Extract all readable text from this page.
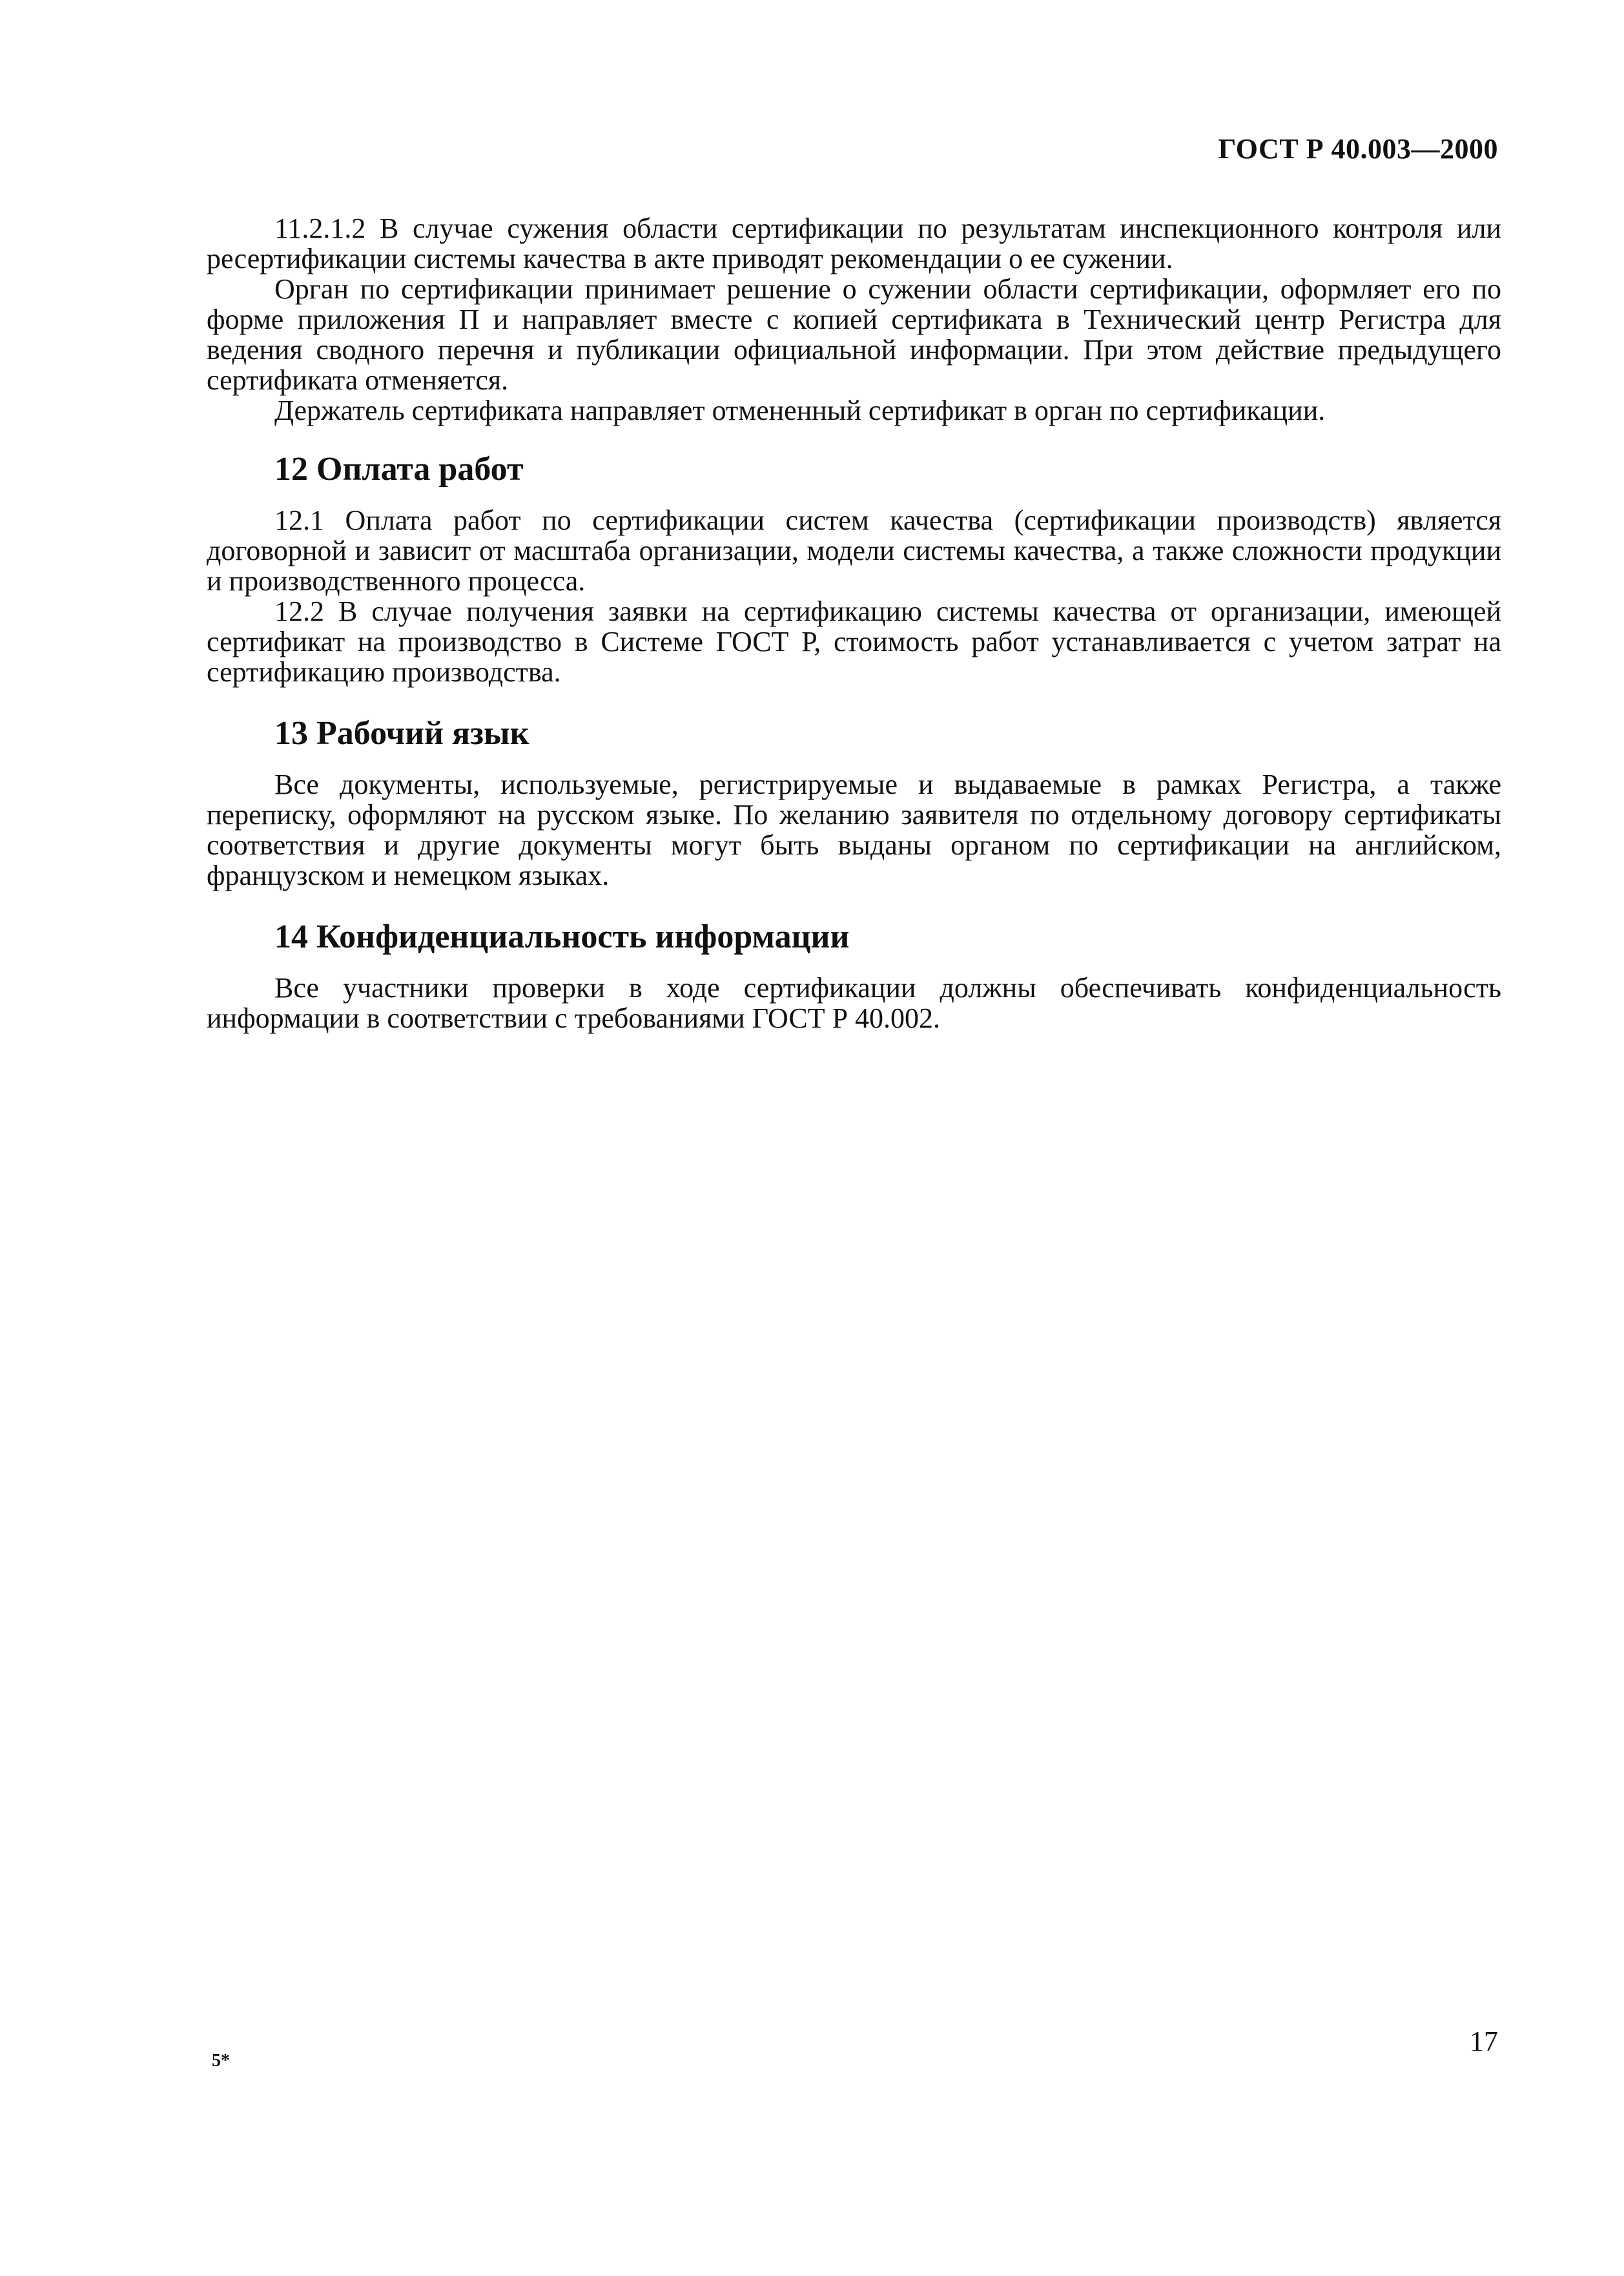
ГОСТ Р 40.003—2000

11.2.1.2 В случае сужения области сертификации по результатам инспекционного контроля или ресертификации системы качества в акте приводят рекомендации о ее сужении.

Орган по сертификации принимает решение о сужении области сертификации, оформляет его по форме приложения П и направляет вместе с копией сертификата в Технический центр Регистра для ведения сводного перечня и публикации официальной информации. При этом действие предыдущего сертификата отменяется.

Держатель сертификата направляет отмененный сертификат в орган по сертификации.

12 Оплата работ

12.1 Оплата работ по сертификации систем качества (сертификации производств) является договорной и зависит от масштаба организации, модели системы качества, а также сложности продукции и производственного процесса.

12.2 В случае получения заявки на сертификацию системы качества от организации, имеющей сертификат на производство в Системе ГОСТ Р, стоимость работ устанавливается с учетом затрат на сертификацию производства.

13 Рабочий язык

Все документы, используемые, регистрируемые и выдаваемые в рамках Регистра, а также переписку, оформляют на русском языке. По желанию заявителя по отдельному договору сертификаты соответствия и другие документы могут быть выданы органом по сертификации на английском, французском и немецком языках.

14 Конфиденциальность информации

Все участники проверки в ходе сертификации должны обеспечивать конфиденциальность информации в соответствии с требованиями ГОСТ Р 40.002.

17
5*
